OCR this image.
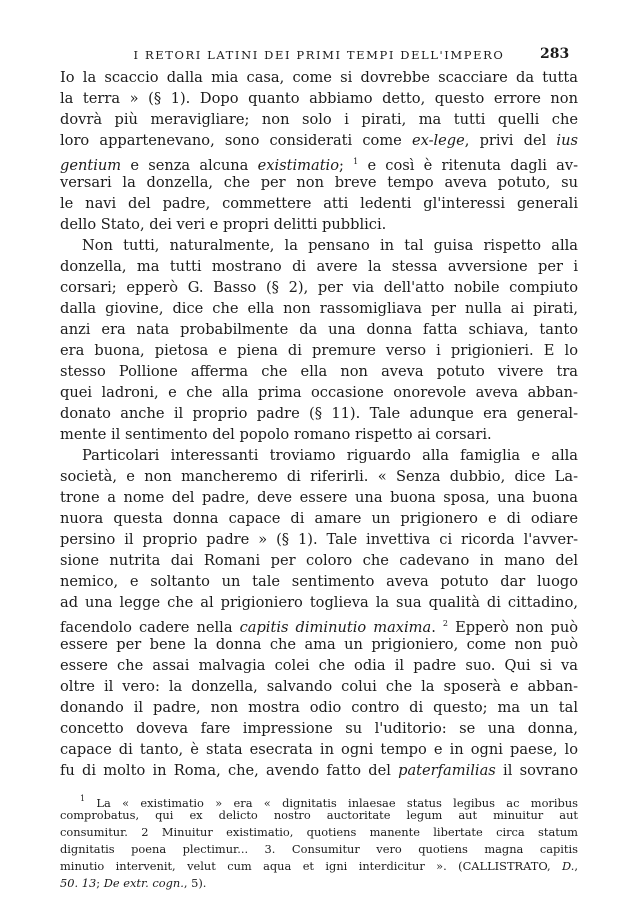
I RETORI LATINI DEI PRIMI TEMPI DELL'IMPERO	283
Io la scaccio dalla mia casa, come si dovrebbe scacciare da tutta
la terra » (§ 1). Dopo quanto abbiamo detto, questo errore non
dovrà più meravigliare; non solo i pirati, ma tutti quelli che
loro appartenevano, sono considerati come ex-lege, privi del ius
gentium e senza alcuna existimatio; $^1$ e così è ritenuta dagli av-
versari la donzella, che per non breve tempo aveva potuto, su
le navi del padre, commettere atti ledenti gl'interessi generali
dello Stato, dei veri e propri delitti pubblici.
Non tutti, naturalmente, la pensano in tal guisa rispetto alla
donzella, ma tutti mostrano di avere la stessa avversione per i
corsari; epperò G. Basso (§ 2), per via dell'atto nobile compiuto
dalla giovine, dice che ella non rassomigliava per nulla ai pirati,
anzi era nata probabilmente da una donna fatta schiava, tanto
era buona, pietosa e piena di premure verso i prigionieri. E lo
stesso Pollione afferma che ella non aveva potuto vivere tra
quei ladroni, e che alla prima occasione onorevole aveva abban-
donato anche il proprio padre (§ 11). Tale adunque era general-
mente il sentimento del popolo romano rispetto ai corsari.
Particolari interessanti troviamo riguardo alla famiglia e alla
società, e non mancheremo di riferirli. « Senza dubbio, dice La-
trone a nome del padre, deve essere una buona sposa, una buona
nuora questa donna capace di amare un prigionero e di odiare
persino il proprio padre » (§ 1). Tale invettiva ci ricorda l'avver-
sione nutrita dai Romani per coloro che cadevano in mano del
nemico, e soltanto un tale sentimento aveva potuto dar luogo
ad una legge che al prigioniero toglieva la sua qualità di cittadino,
facendolo cadere nella capitis diminutio maxima. $^2$ Epperò non può
essere per bene la donna che ama un prigioniero, come non può
essere che assai malvagia colei che odia il padre suo. Qui si va
oltre il vero: la donzella, salvando colui che la sposerà e abban-
donando il padre, non mostra odio contro di questo; ma un tal
concetto doveva fare impressione su l'uditorio: se una donna,
capace di tanto, è stata esecrata in ogni tempo e in ogni paese, lo
fu di molto in Roma, che, avendo fatto del paterfamilias il sovrano
$^1$ La « existimatio » era « dignitatis inlaesae status legibus ac moribus
comprobatus, qui ex delicto nostro auctoritate legum aut minuitur aut
consumitur. 2 Minuitur existimatio, quotiens manente libertate circa statum
dignitatis poena plectimur... 3. Consumitur vero quotiens magna capitis
minutio intervenit, velut cum aqua et igni interdicitur ». (CALLISTRATO, D.,
50. 13; De extr. cogn., 5).
